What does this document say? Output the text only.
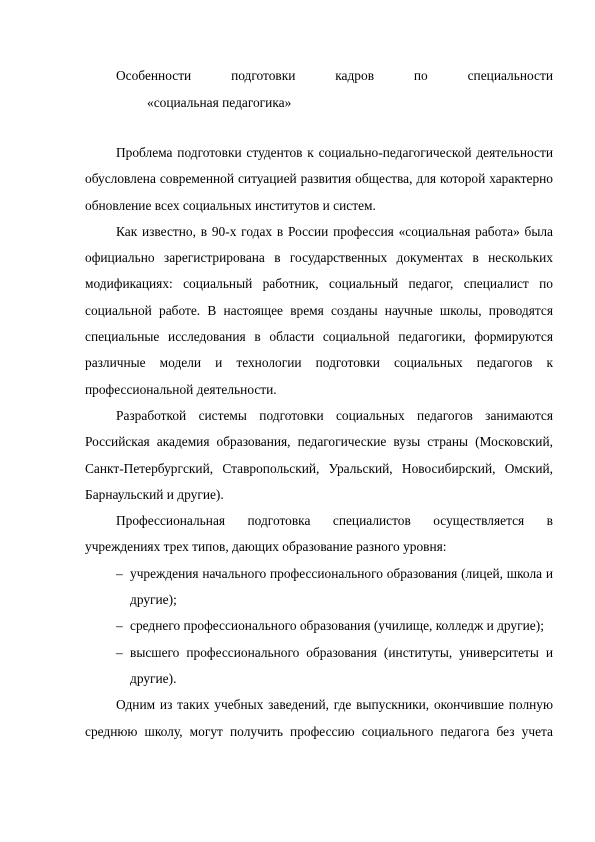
Особенности подготовки кадров по специальности
«социальная педагогика»

Проблема подготовки студентов к социально-педагогической деятельности обусловлена современной ситуацией развития общества, для которой характерно обновление всех социальных институтов и систем.

Как известно, в 90-х годах в России профессия «социальная работа» была официально зарегистрирована в государственных документах в нескольких модификациях: социальный работник, социальный педагог, специалист по социальной работе. В настоящее время созданы научные школы, проводятся специальные исследования в области социальной педагогики, формируются различные модели и технологии подготовки социальных педагогов к профессиональной деятельности.

Разработкой системы подготовки социальных педагогов занимаются Российская академия образования, педагогические вузы страны (Московский, Санкт-Петербургский, Ставропольский, Уральский, Новосибирский, Омский, Барнаульский и другие).

Профессиональная подготовка специалистов осуществляется в учреждениях трех типов, дающих образование разного уровня:

– учреждения начального профессионального образования (лицей, школа и другие);
– среднего профессионального образования (училище, колледж и другие);
– высшего профессионального образования (институты, университеты и другие).

Одним из таких учебных заведений, где выпускники, окончившие полную среднюю школу, могут получить профессию социального педагога без учета
